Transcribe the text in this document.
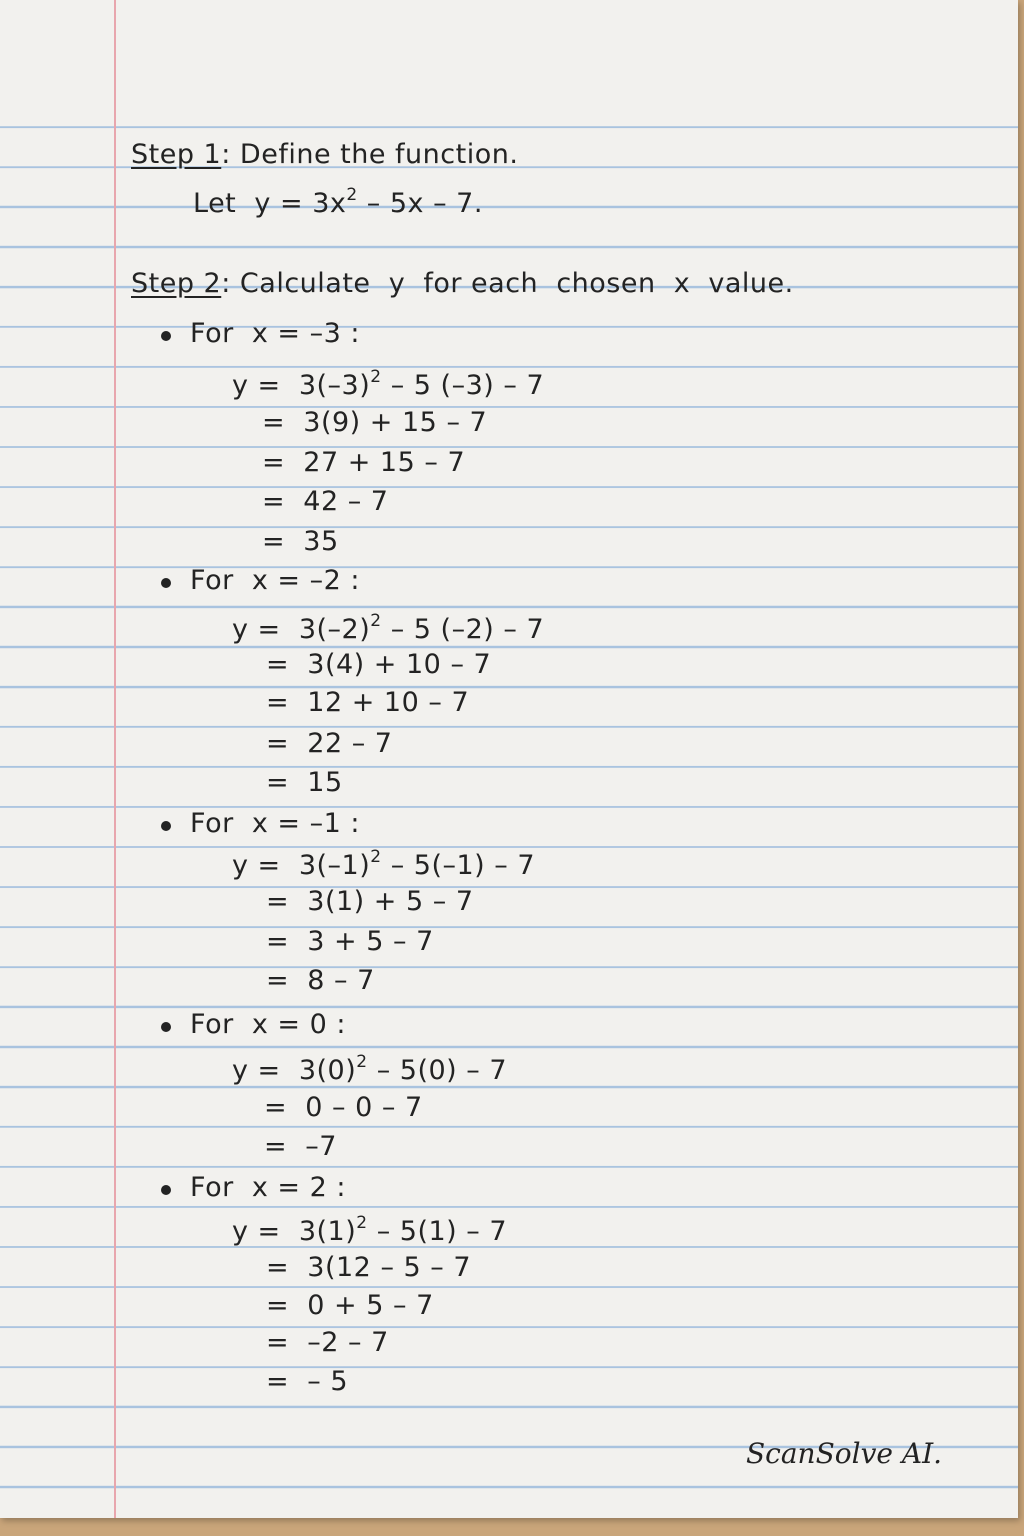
Step 1: Define the function.
Let  $y = 3x^2 - 5x - 7$.
Step 2: Calculate  y  for each  chosen  x  value.
For  x = –3 :
$y = 3(-3)^2 - 5$ (–3) – 7
=  3(9) + 15 – 7
=  27 + 15 – 7
=  42 – 7
=  35
For  x = –2 :
$y = 3(-2)^2 - 5$ (–2) – 7
=  3(4) + 10 – 7
=  12 + 10 – 7
=  22 – 7
=  15
For  x = –1 :
$y = 3(-1)^2 - 5(-1) - 7$
=  3(1) + 5 – 7
=  3 + 5 – 7
=  8 – 7
For  x = 0 :
$y = 3(0)^2 - 5(0) - 7$
=  0 – 0 – 7
=  –7
For  x = 2 :
$y = 3(1)^2 - 5(1) - 7$
=  3(12 – 5 – 7
=  0 + 5 – 7
=  –2 – 7
=  – 5
ScanSolve AI.
